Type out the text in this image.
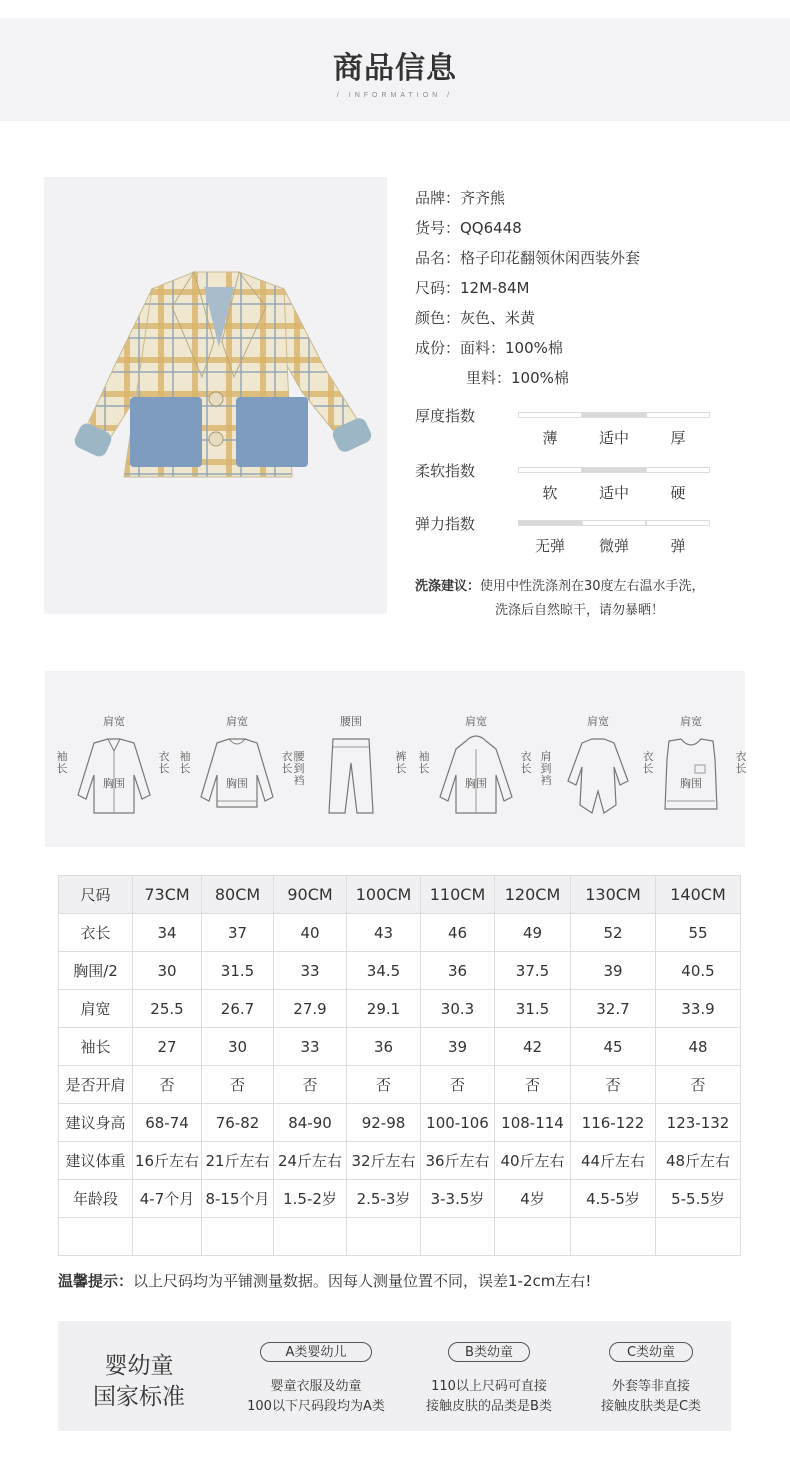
商品信息
/ INFORMATION /
品牌：齐齐熊
货号：QQ6448
品名：格子印花翻领休闲西装外套
尺码：12M-84M
颜色：灰色、米黄
成份：面料：100%棉
里料：100%棉
厚度指数
薄	适中	厚
柔软指数
软	适中	硬
弹力指数
无弹	微弹	弹
洗涤建议：使用中性洗涤剂在30度左右温水手洗，
洗涤后自然晾干，请勿暴晒！
肩宽
袖长
衣长
胸围
肩宽
袖长
衣长
胸围
腰围
腰到裆
裤长
肩宽
袖长
衣长
胸围
肩宽
肩到裆
衣长
肩宽
衣长
胸围
尺码	73CM	80CM	90CM	100CM	110CM	120CM	130CM	140CM
衣长	34	37	40	43	46	49	52	55
胸围/2	30	31.5	33	34.5	36	37.5	39	40.5
肩宽	25.5	26.7	27.9	29.1	30.3	31.5	32.7	33.9
袖长	27	30	33	36	39	42	45	48
是否开肩	否	否	否	否	否	否	否	否
建议身高	68-74	76-82	84-90	92-98	100-106	108-114	116-122	123-132
建议体重	16斤左右	21斤左右	24斤左右	32斤左右	36斤左右	40斤左右	44斤左右	48斤左右
年龄段	4-7个月	8-15个月	1.5-2岁	2.5-3岁	3-3.5岁	4岁	4.5-5岁	5-5.5岁

温馨提示：以上尺码均为平铺测量数据。因每人测量位置不同，误差1-2cm左右!
婴幼童
国家标准
A类婴幼儿
婴童衣服及幼童
100以下尺码段均为A类
B类幼童
110以上尺码可直接
接触皮肤的品类是B类
C类幼童
外套等非直接
接触皮肤类是C类
